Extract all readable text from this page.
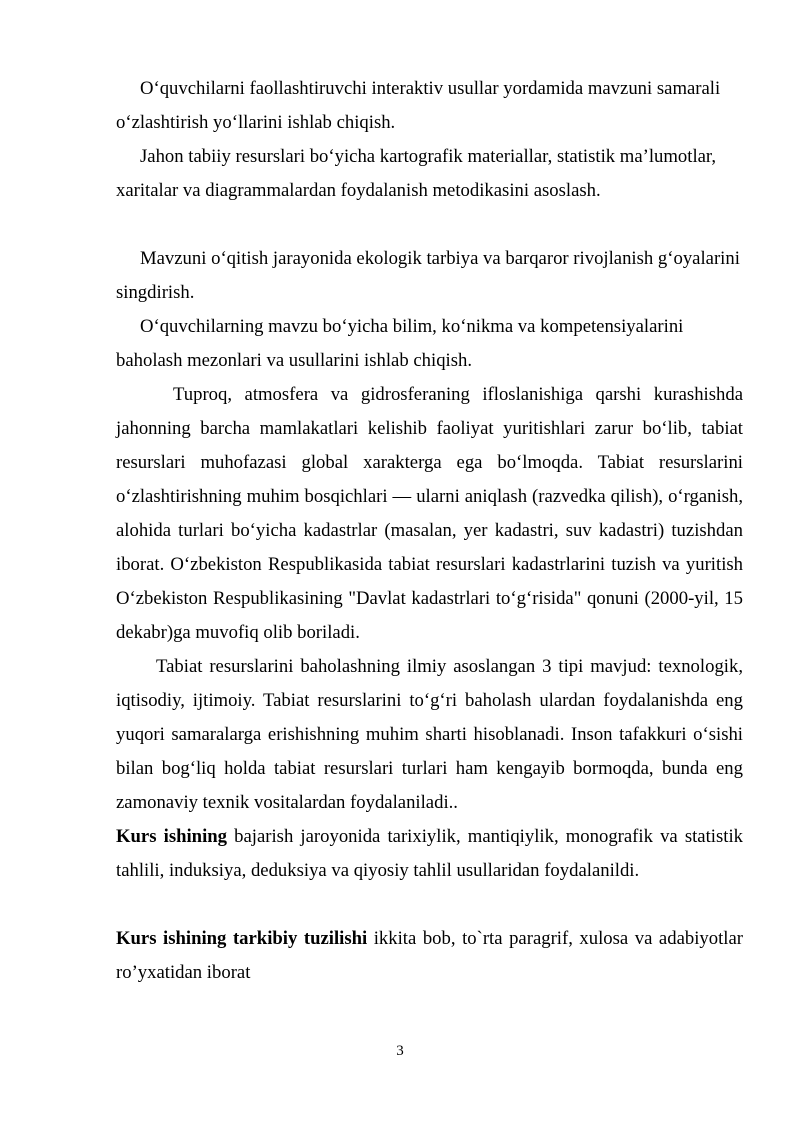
O‘quvchilarni faollashtiruvchi interaktiv usullar yordamida mavzuni samarali o‘zlashtirish yo‘llarini ishlab chiqish.

Jahon tabiiy resurslari bo‘yicha kartografik materiallar, statistik ma’lumotlar, xaritalar va diagrammalardan foydalanish metodikasini asoslash.

Mavzuni o‘qitish jarayonida ekologik tarbiya va barqaror rivojlanish g‘oyalarini singdirish.

O‘quvchilarning mavzu bo‘yicha bilim, ko‘nikma va kompetensiyalarini baholash mezonlari va usullarini ishlab chiqish.

Tuproq, atmosfera va gidrosferaning ifloslanishiga qarshi kurashishda jahonning barcha mamlakatlari kelishib faoliyat yuritishlari zarur bo‘lib, tabiat resurslari muhofazasi global xarakterga ega bo‘lmoqda. Tabiat resurslarini o‘zlashtirishning muhim bosqichlari — ularni aniqlash (razvedka qilish), o‘rganish, alohida turlari bo‘yicha kadastrlar (masalan, yer kadastri, suv kadastri) tuzishdan iborat. O‘zbekiston Respublikasida tabiat resurslari kadastrlarini tuzish va yuritish O‘zbekiston Respublikasining "Davlat kadastrlari to‘g‘risida" qonuni (2000-yil, 15 dekabr)ga muvofiq olib boriladi.

Tabiat resurslarini baholashning ilmiy asoslangan 3 tipi mavjud: texnologik, iqtisodiy, ijtimoiy. Tabiat resurslarini to‘g‘ri baholash ulardan foydalanishda eng yuqori samaralarga erishishning muhim sharti hisoblanadi. Inson tafakkuri o‘sishi bilan bog‘liq holda tabiat resurslari turlari ham kengayib bormoqda, bunda eng zamonaviy texnik vositalardan foydalaniladi..

Kurs ishining bajarish jaroyonida tarixiylik, mantiqiylik, monografik va statistik tahlili, induksiya, deduksiya va qiyosiy tahlil usullaridan foydalanildi.

Kurs ishining tarkibiy tuzilishi ikkita bob, to`rta paragrif, xulosa va adabiyotlar ro’yxatidan iborat

3
